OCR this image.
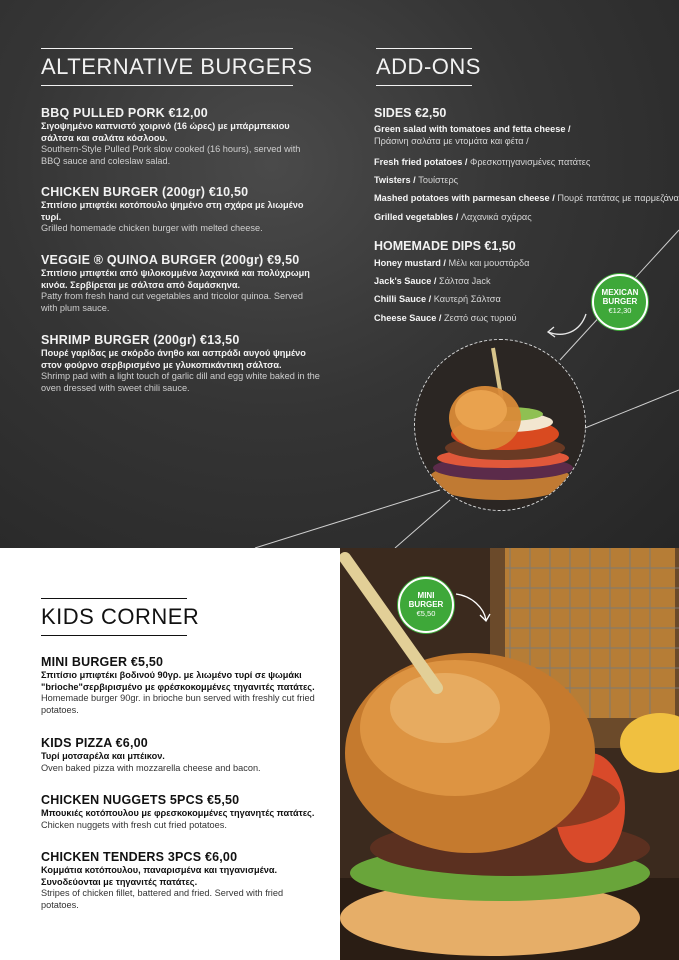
ALTERNATIVE BURGERS	ADD-ONS
BBQ PULLED PORK €12,00
Σιγοψημένο καπνιστό χοιρινό (16 ώρες) με μπάρμπεκιου σάλτσα και σαλάτα κόσλοου.
Southern-Style Pulled Pork slow cooked (16 hours), served with BBQ sauce and coleslaw salad.
CHICKEN BURGER (200gr) €10,50
Σπιτίσιο μπιφτέκι κοτόπουλο ψημένο στη σχάρα με λιωμένο τυρί.
Grilled homemade chicken burger with melted cheese.
VEGGIE ® QUINOA BURGER (200gr) €9,50
Σπιτίσιο μπιφτέκι από ψιλοκομμένα λαχανικά και πολύχρωμη κινόα. Σερβίρεται με σάλτσα από δαμάσκηνα.
Patty from fresh hand cut vegetables and tricolor quinoa. Served with plum sauce.
SHRIMP BURGER (200gr) €13,50
Πουρέ γαρίδας με σκόρδο άνηθο και ασπράδι αυγού ψημένο στον φούρνο σερβιρισμένο με γλυκοπικάντικη σάλτσα.
Shrimp pad with a light touch of garlic dill and egg white baked in the oven dressed with sweet chili sauce.
SIDES €2,50
Green salad with tomatoes and fetta cheese / Πράσινη σαλάτα με ντομάτα και φέτα /
Fresh fried potatoes / Φρεσκοτηγανισμένες πατάτες
Twisters / Τουίστερς
Mashed potatoes with parmesan cheese / Πουρέ πατάτας με παρμεζάνα
Grilled vegetables / Λαχανικά σχάρας
HOMEMADE DIPS €1,50
Honey mustard / Μέλι και μουστάρδα
Jack's Sauce / Σάλτσα Jack
Chilli Sauce / Καυτερή Σάλτσα
Cheese Sauce / Ζεστό σως τυριού
MEXICAN
BURGER
€12,30
KIDS CORNER
MINI BURGER €5,50
Σπιτίσιο μπιφτέκι βοδινού 90γρ. με λιωμένο τυρί σε ψωμάκι "brioche"σερβιρισμένο με φρέσκοκομμένες τηγανιτές πατάτες.
Homemade burger 90gr. in brioche bun served with freshly cut fried potatoes.
KIDS PIZZA €6,00
Τυρί μοτσαρέλα και μπέικον.
Oven baked pizza with mozzarella cheese and bacon.
CHICKEN NUGGETS 5PCS €5,50
Μπουκιές κοτόπουλου με φρεσκοκομμένες τηγανητές πατάτες.
Chicken nuggets with fresh cut fried potatoes.
CHICKEN TENDERS 3PCS €6,00
Κομμάτια κοτόπουλου, παναρισμένα και τηγανισμένα. Συνοδεύονται με τηγανιτές πατάτες.
Stripes of chicken fillet, battered and fried. Served with fried potatoes.
MINI
BURGER
€5,50
